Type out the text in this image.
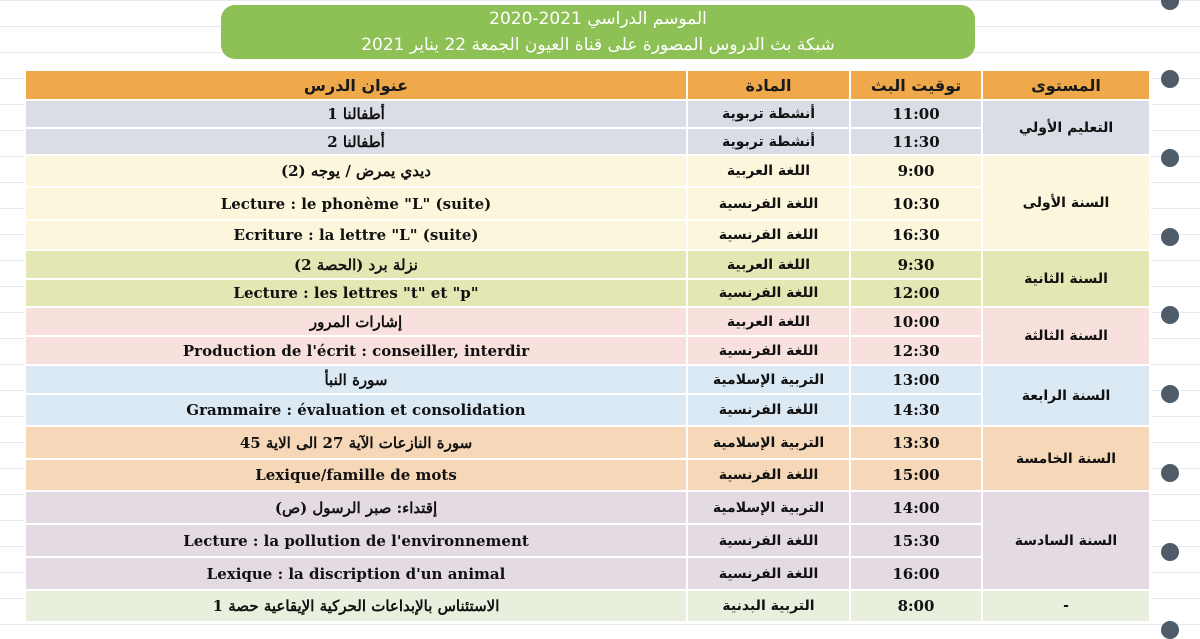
الموسم الدراسي 2021-2020
شبكة بث الدروس المصورة على قناة العيون الجمعة 22 يناير 2021
عنوان الدرس	المادة	توقيت البث	المستوى
أطفالنا 1	أنشطة تربوية	11:00	التعليم الأولي
أطفالنا 2	أنشطة تربوية	11:30	
ديدي يمرض / يوجه (2)	اللغة العربية	9:00	السنة الأولى
Lecture : le phonème "L" (suite)	اللغة الفرنسية	10:30	
Ecriture : la lettre "L" (suite)	اللغة الفرنسية	16:30	
نزلة برد (الحصة 2)	اللغة العربية	9:30	السنة الثانية
Lecture : les lettres "t" et "p"	اللغة الفرنسية	12:00	
إشارات المرور	اللغة العربية	10:00	السنة الثالثة
Production de l'écrit : conseiller, interdir	اللغة الفرنسية	12:30	
سورة النبأ	التربية الإسلامية	13:00	السنة الرابعة
Grammaire : évaluation et consolidation	اللغة الفرنسية	14:30	
سورة النازعات الآية 27 الى الاية 45	التربية الإسلامية	13:30	السنة الخامسة
Lexique/famille de mots	اللغة الفرنسية	15:00	
إقتداء: صبر الرسول (ص)	التربية الإسلامية	14:00	السنة السادسة
Lecture : la pollution de l'environnement	اللغة الفرنسية	15:30	
Lexique : la discription d'un animal	اللغة الفرنسية	16:00	
الاستئناس بالإبداعات الحركية الإيقاعية حصة 1	التربية البدنية	8:00	-
